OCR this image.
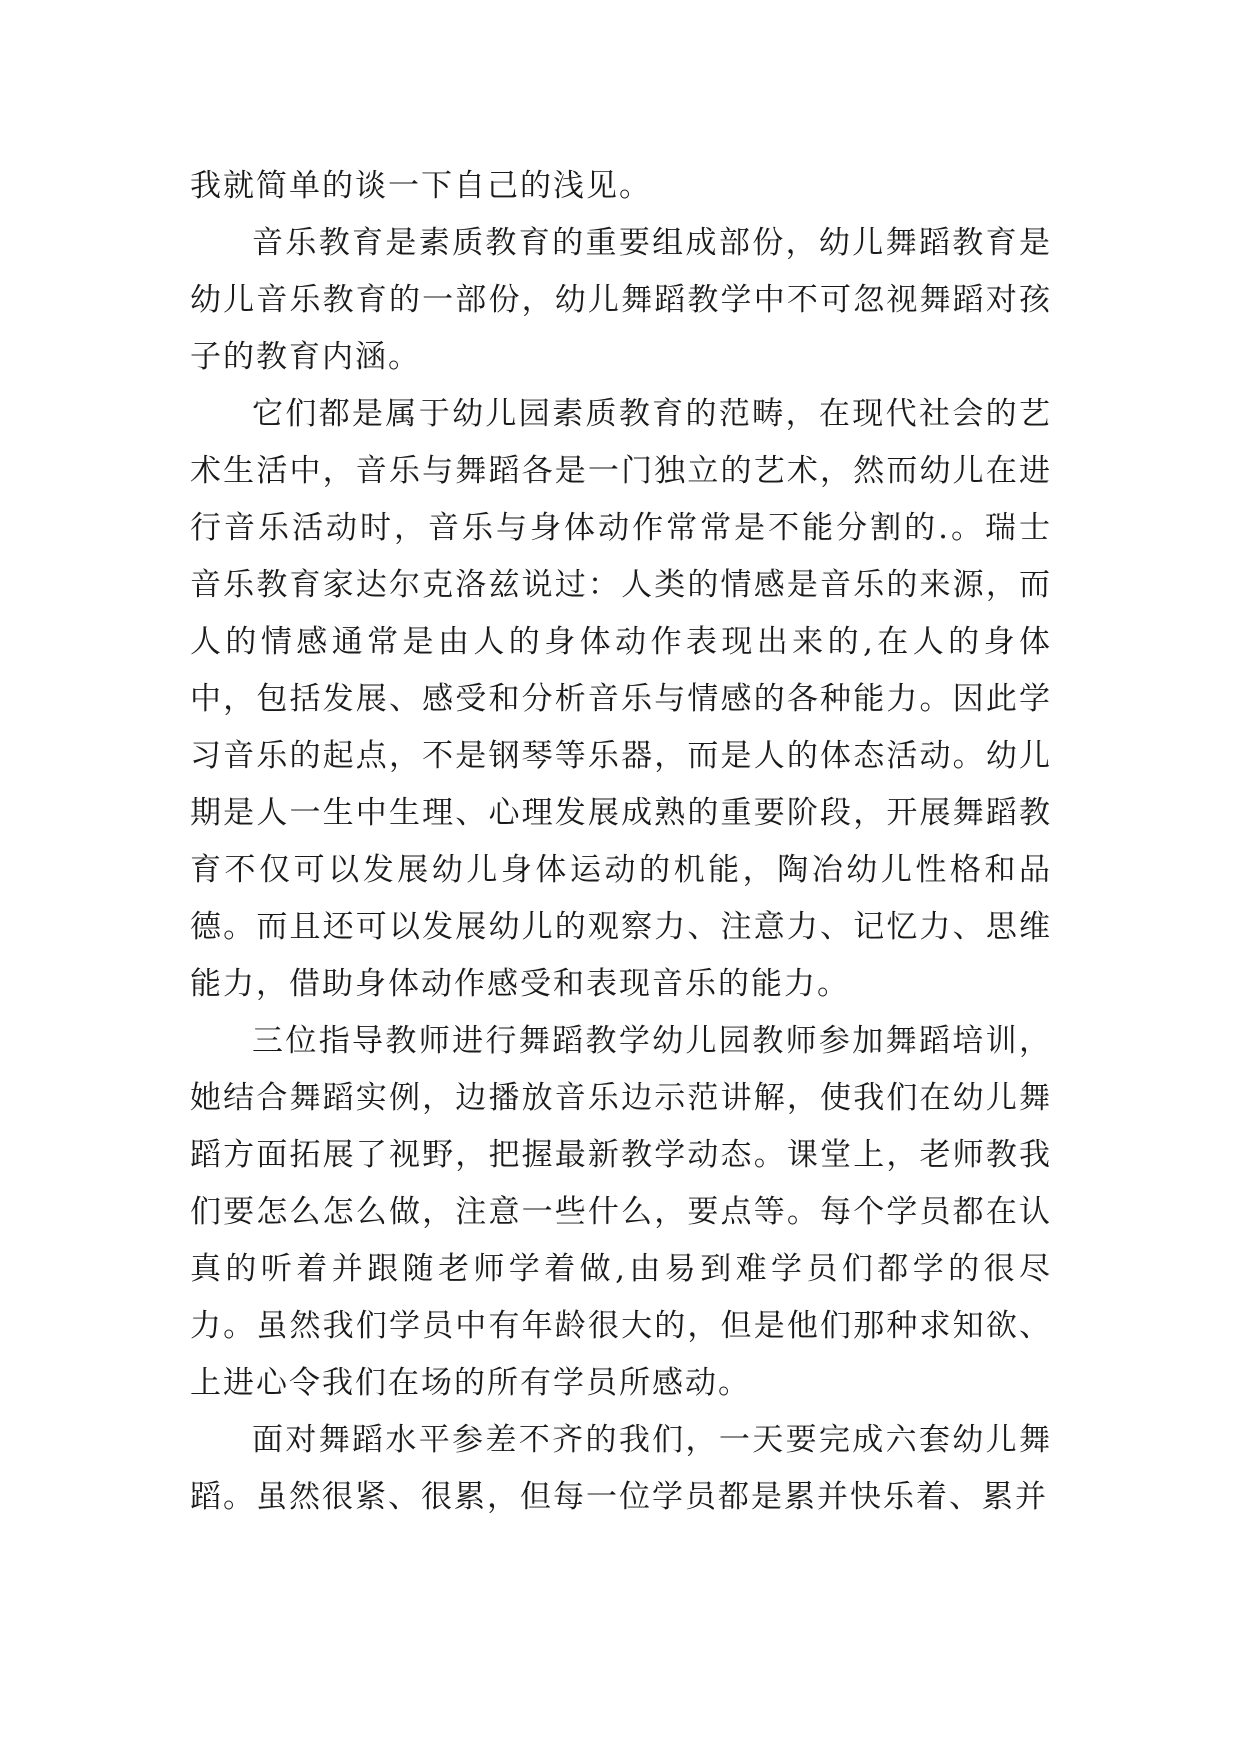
我就简单的谈一下自己的浅见。

音乐教育是素质教育的重要组成部份，幼儿舞蹈教育是幼儿音乐教育的一部份，幼儿舞蹈教学中不可忽视舞蹈对孩子的教育内涵。

它们都是属于幼儿园素质教育的范畴，在现代社会的艺术生活中，音乐与舞蹈各是一门独立的艺术，然而幼儿在进行音乐活动时，音乐与身体动作常常是不能分割的.。瑞士音乐教育家达尔克洛兹说过：人类的情感是音乐的来源，而人的情感通常是由人的身体动作表现出来的,在人的身体中，包括发展、感受和分析音乐与情感的各种能力。因此学习音乐的起点，不是钢琴等乐器，而是人的体态活动。幼儿期是人一生中生理、心理发展成熟的重要阶段，开展舞蹈教育不仅可以发展幼儿身体运动的机能，陶冶幼儿性格和品德。而且还可以发展幼儿的观察力、注意力、记忆力、思维能力，借助身体动作感受和表现音乐的能力。

三位指导教师进行舞蹈教学幼儿园教师参加舞蹈培训，她结合舞蹈实例，边播放音乐边示范讲解，使我们在幼儿舞蹈方面拓展了视野，把握最新教学动态。课堂上，老师教我们要怎么怎么做，注意一些什么，要点等。每个学员都在认真的听着并跟随老师学着做,由易到难学员们都学的很尽力。虽然我们学员中有年龄很大的，但是他们那种求知欲、上进心令我们在场的所有学员所感动。

面对舞蹈水平参差不齐的我们，一天要完成六套幼儿舞蹈。虽然很紧、很累，但每一位学员都是累并快乐着、累并
